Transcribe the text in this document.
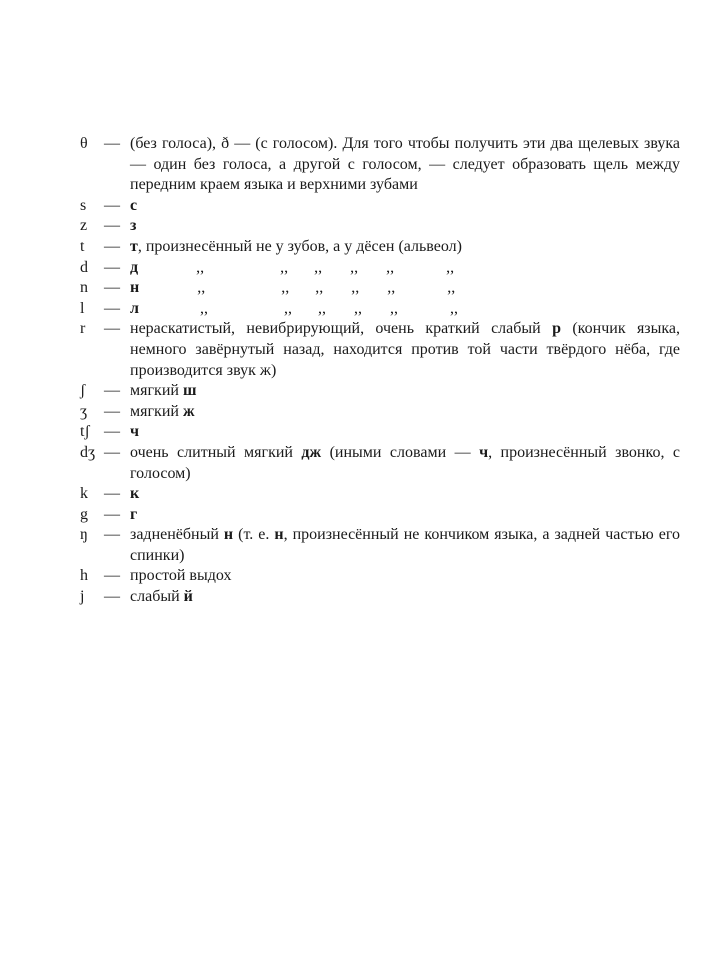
θ	— (без голоса), ð — (с голосом). Для того чтобы получить эти два щелевых звука — один без голоса, а другой с голосом, — следует образовать щель между передним краем языка и верхними зубами
s	— с
z	— з
t	— т, произнесённый не у зубов, а у дёсен (альвеол)
d	— д	,,	,, ,, ,, ,,	,,
n	— н	,,	,, ,, ,, ,,	,,
l	— л	,,	,, ,, ,, ,,	,,
r	— нераскатистый, невибрирующий, очень краткий слабый р (кончик языка, немного завёрнутый назад, находится против той части твёрдого нёба, где производится звук ж)
ʃ	— мягкий ш
ʒ	— мягкий ж
tʃ — ч
dʒ — очень слитный мягкий дж (иными словами — ч, произнесённый звонко, с голосом)
k	— к
g	— г
ŋ	— задненёбный н (т. е. н, произнесённый не кончиком языка, а задней частью его спинки)
h	— простой выдох
j	— слабый й
